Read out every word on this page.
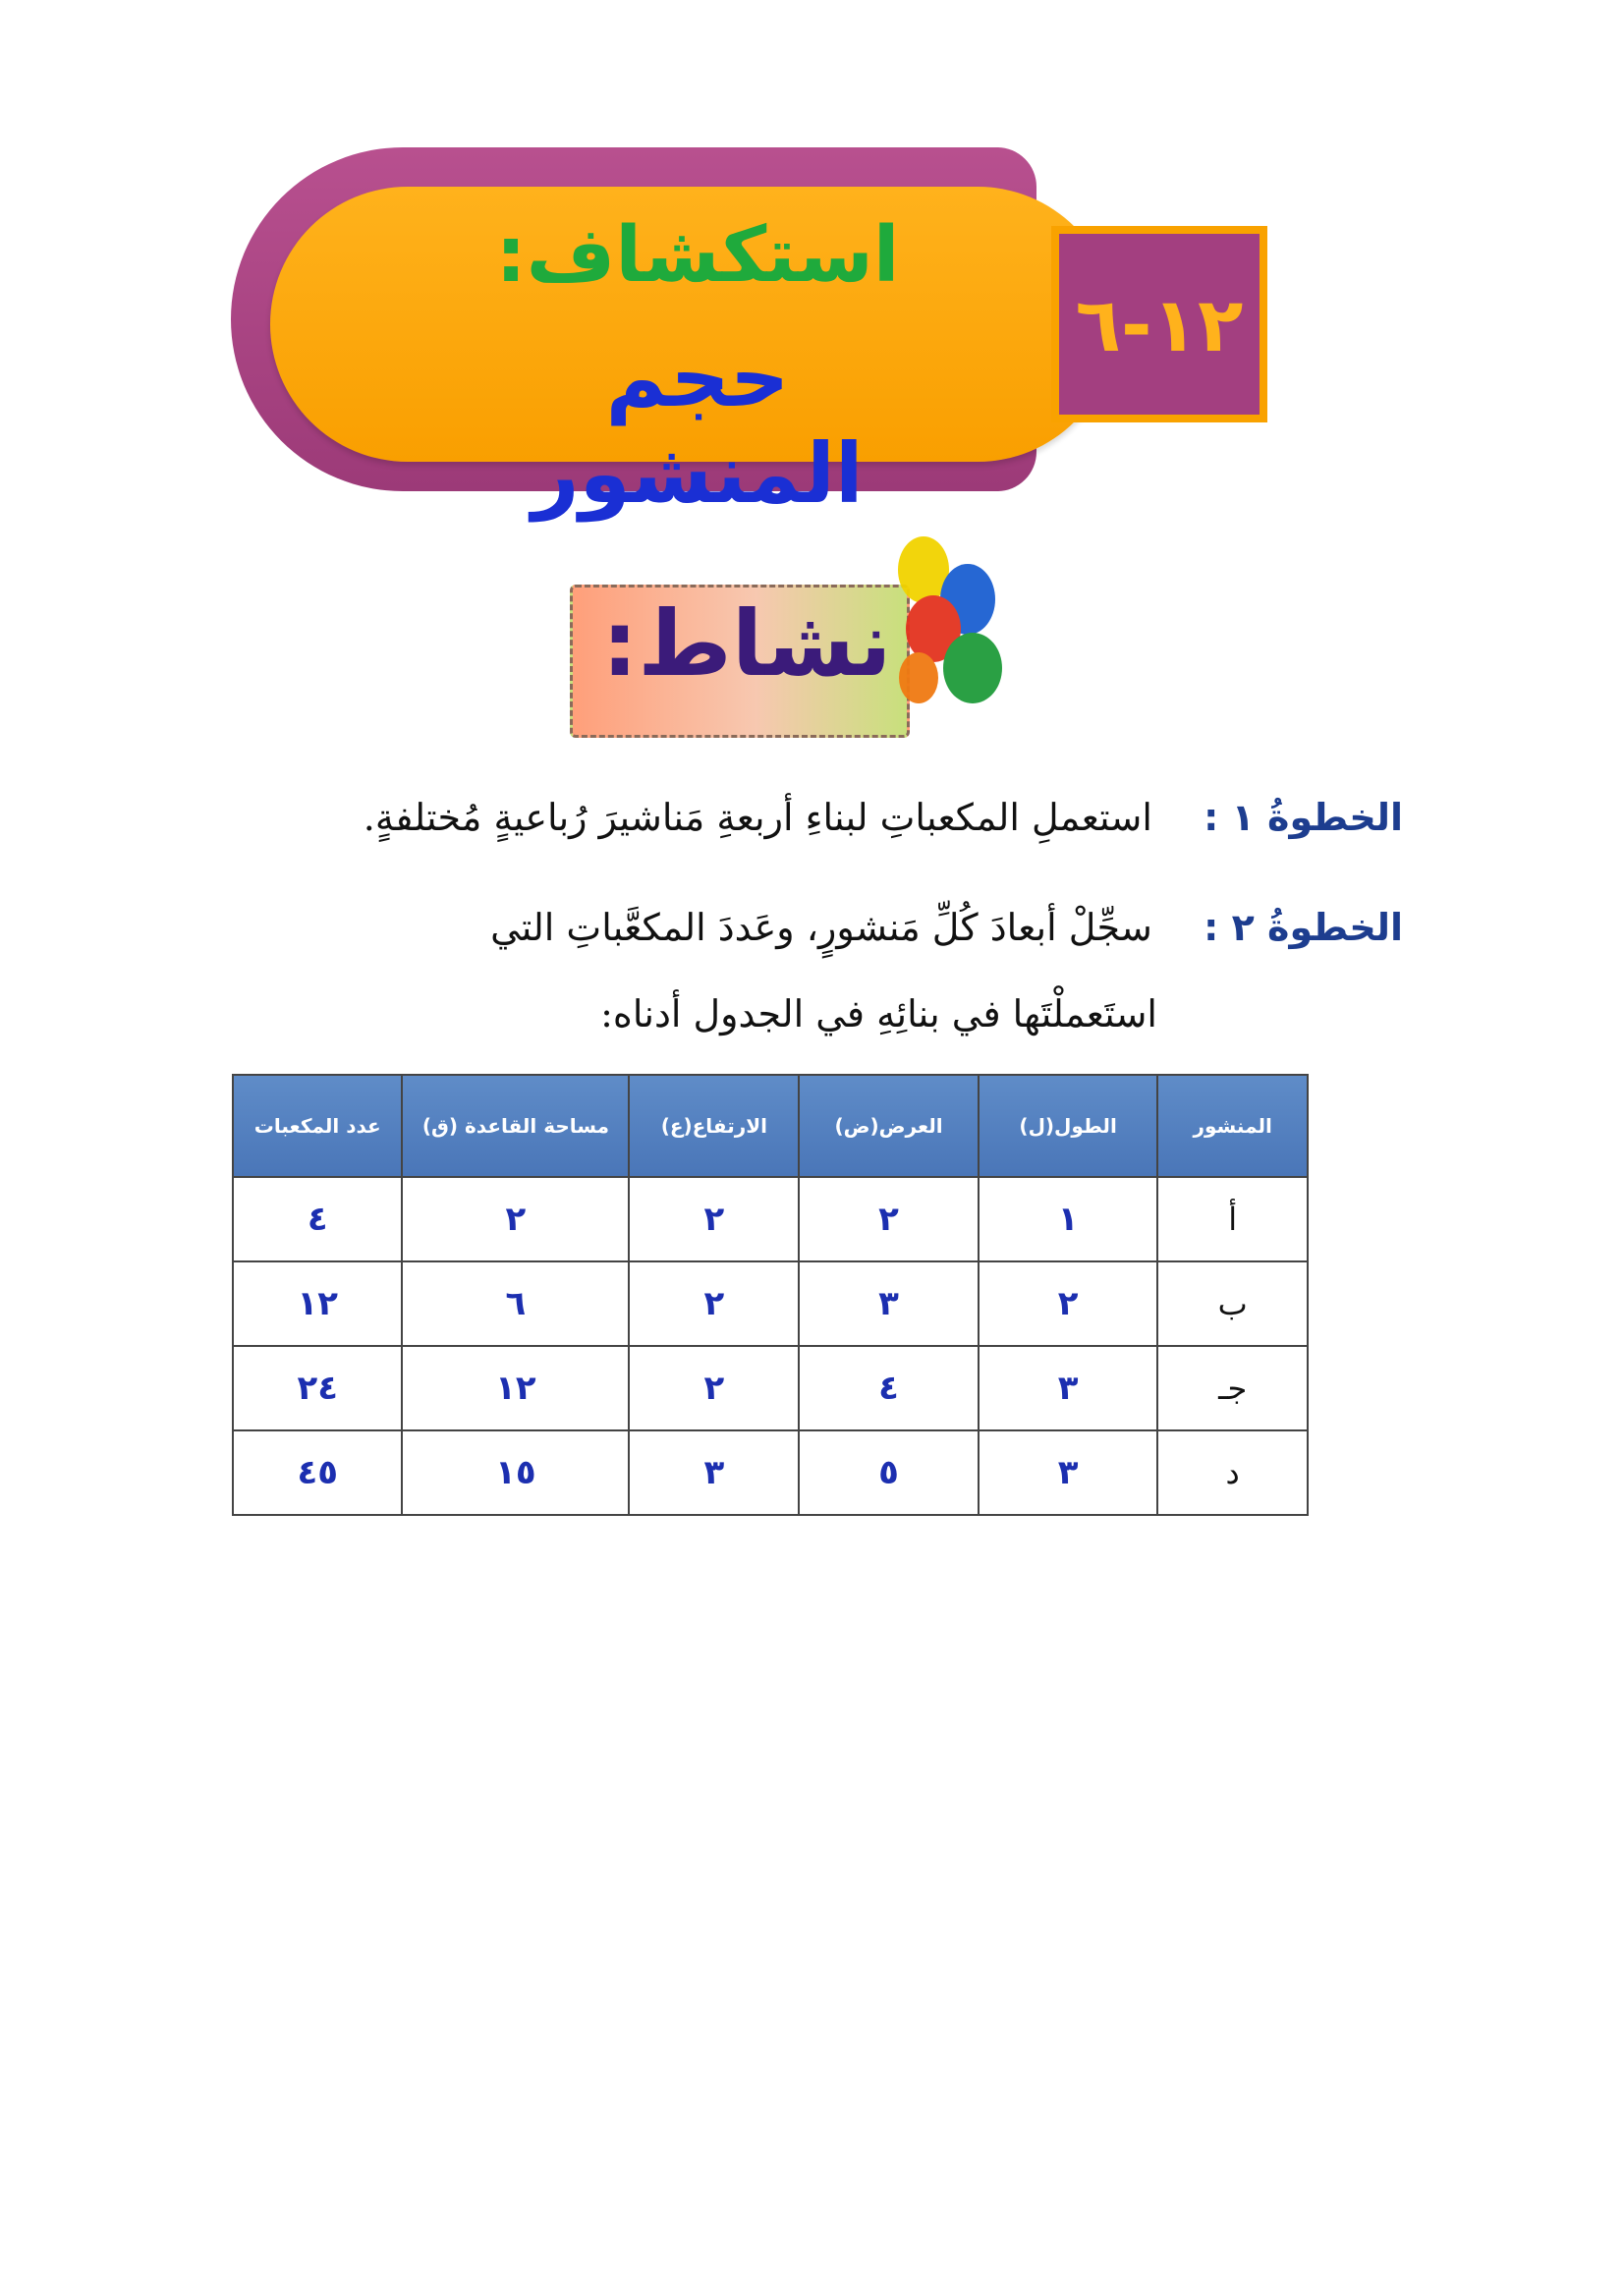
استكشاف:
حجم المنشور
١٢-٦
نشاط:
الخطوةُ ١ : استعملِ المكعباتِ لبناءِ أربعةِ مَناشيرَ رُباعيةٍ مُختلفةٍ.
الخطوةُ ٢ : سجِّلْ أبعادَ كُلِّ مَنشورٍ، وعَددَ المكعَّباتِ التي
استَعملْتَها في بنائِهِ في الجدول أدناه:
المنشور	الطول(ل)	العرض(ض)	الارتفاع(ع)	مساحة القاعدة (ق)	عدد المكعبات
أ	١	٢	٢	٢	٤
ب	٢	٣	٢	٦	١٢
جـ	٣	٤	٢	١٢	٢٤
د	٣	٥	٣	١٥	٤٥
